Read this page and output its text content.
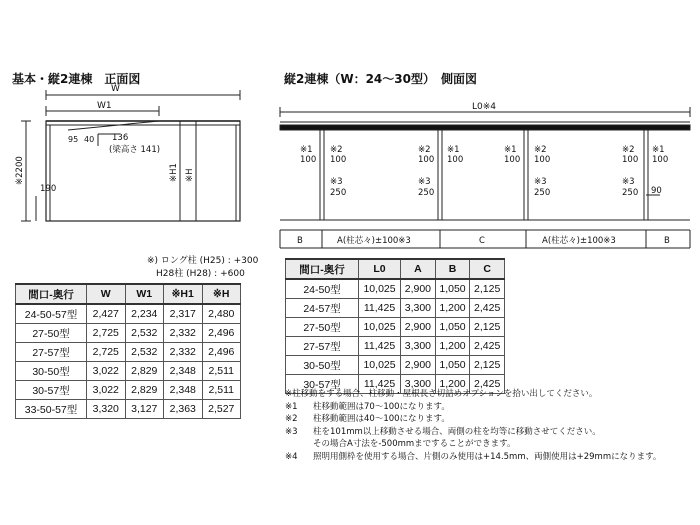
基本・縦2連棟　正面図	縦2連棟（W：24〜30型）　側面図
W
W1
95 40 136
(梁高さ 141)
190
※2200	※H1 ※H
L0※4
※1
100
※2
100
※3
250
※2
100
※1
100
※3
250
※1
100
※2
100
※3
250
※2
100
※1
100
※3
250 90
B	A(柱芯々)±100※3	C	A(柱芯々)±100※3	B
※) ロング柱 (H25) : +300
H28柱 (H28) : +600
間口-奥行	W	W1	※H1	※H
24-50-57型	2,427	2,234	2,317	2,480
27-50型	2,725	2,532	2,332	2,496
27-57型	2,725	2,532	2,332	2,496
30-50型	3,022	2,829	2,348	2,511
30-57型	3,022	2,829	2,348	2,511
33-50-57型	3,320	3,127	2,363	2,527
間口-奥行	L0	A	B	C
24-50型	10,025	2,900	1,050	2,125
24-57型	11,425	3,300	1,200	2,425
27-50型	10,025	2,900	1,050	2,125
27-57型	11,425	3,300	1,200	2,425
30-50型	10,025	2,900	1,050	2,125
30-57型	11,425	3,300	1,200	2,425
※柱移動をする場合、柱移動・屋根長さ切詰めオプションを拾い出してください。
※1 柱移動範囲は70〜100になります。
※2 柱移動範囲は40〜100になります。
※3 柱を101mm以上移動させる場合、両側の柱を均等に移動させてください。
その場合A寸法を-500mmまですることができます。
※4 照明用側枠を使用する場合、片側のみ使用は+14.5mm、両側使用は+29mmになります。
